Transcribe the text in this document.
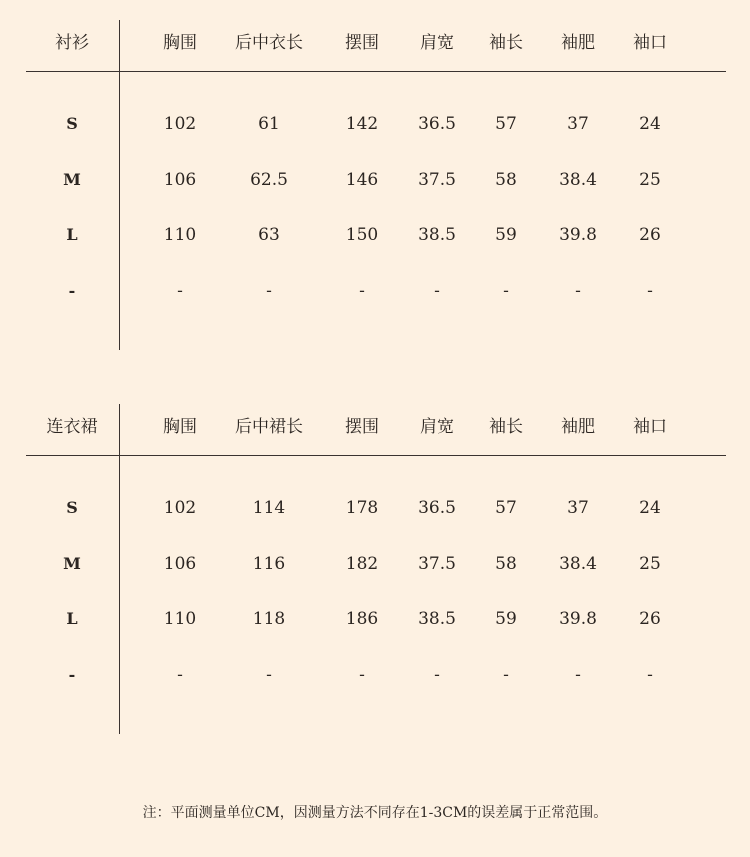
衬衫	胸围 后中衣长 摆围 肩宽 袖长 袖肥 袖口
S	102	61	142 36.5 57	37	24
M	106	62.5	146 37.5 58 38.4 25
L	110	63	150 38.5 59 39.8 26
-	-	-	-	-	-	-	-
连衣裙	胸围 后中裙长 摆围 肩宽 袖长 袖肥 袖口
S	102	114	178 36.5 57	37	24
M	106	116	182 37.5 58 38.4 25
L	110	118	186 38.5 59 39.8 26
-	-	-	-	-	-	-	-
注：平面测量单位CM，因测量方法不同存在1-3CM的误差属于正常范围。
